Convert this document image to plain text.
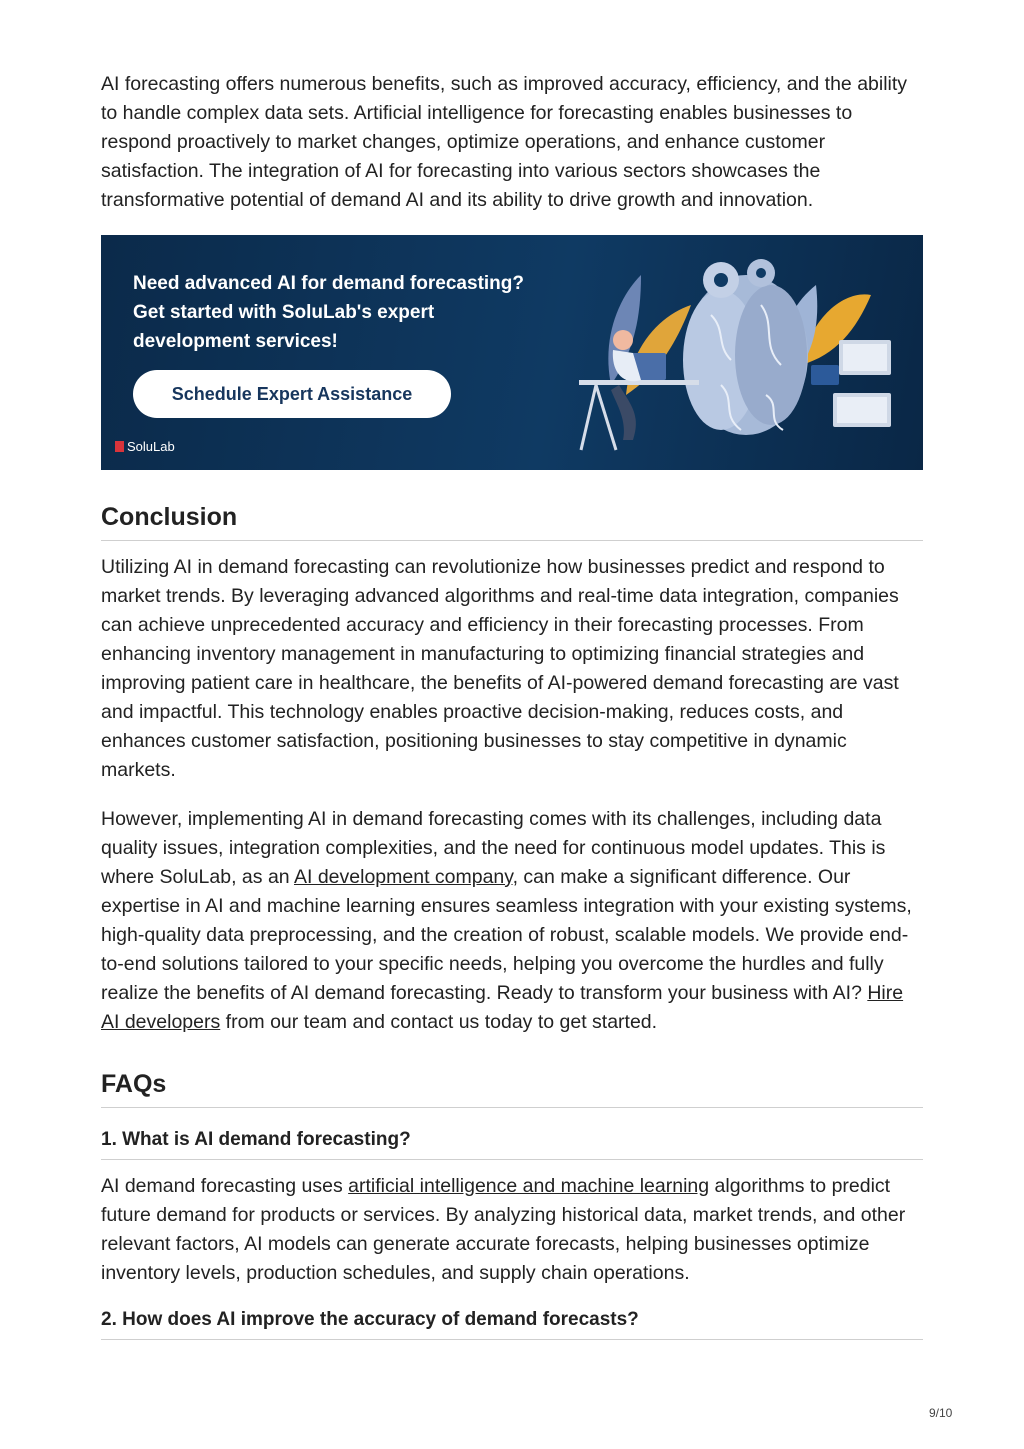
AI forecasting offers numerous benefits, such as improved accuracy, efficiency, and the ability to handle complex data sets. Artificial intelligence for forecasting enables businesses to respond proactively to market changes, optimize operations, and enhance customer satisfaction. The integration of AI for forecasting into various sectors showcases the transformative potential of demand AI and its ability to drive growth and innovation.

Need advanced AI for demand forecasting?
Get started with SoluLab's expert
development services!
Schedule Expert Assistance
SoluLab
Conclusion

Utilizing AI in demand forecasting can revolutionize how businesses predict and respond to market trends. By leveraging advanced algorithms and real-time data integration, companies can achieve unprecedented accuracy and efficiency in their forecasting processes. From enhancing inventory management in manufacturing to optimizing financial strategies and improving patient care in healthcare, the benefits of AI-powered demand forecasting are vast and impactful. This technology enables proactive decision-making, reduces costs, and enhances customer satisfaction, positioning businesses to stay competitive in dynamic markets.

However, implementing AI in demand forecasting comes with its challenges, including data quality issues, integration complexities, and the need for continuous model updates. This is where SoluLab, as an AI development company, can make a significant difference. Our expertise in AI and machine learning ensures seamless integration with your existing systems, high-quality data preprocessing, and the creation of robust, scalable models. We provide end-to-end solutions tailored to your specific needs, helping you overcome the hurdles and fully realize the benefits of AI demand forecasting. Ready to transform your business with AI? Hire AI developers from our team and contact us today to get started.

FAQs
1. What is AI demand forecasting?

AI demand forecasting uses artificial intelligence and machine learning algorithms to predict future demand for products or services. By analyzing historical data, market trends, and other relevant factors, AI models can generate accurate forecasts, helping businesses optimize inventory levels, production schedules, and supply chain operations.

2. How does AI improve the accuracy of demand forecasts?
9/10
